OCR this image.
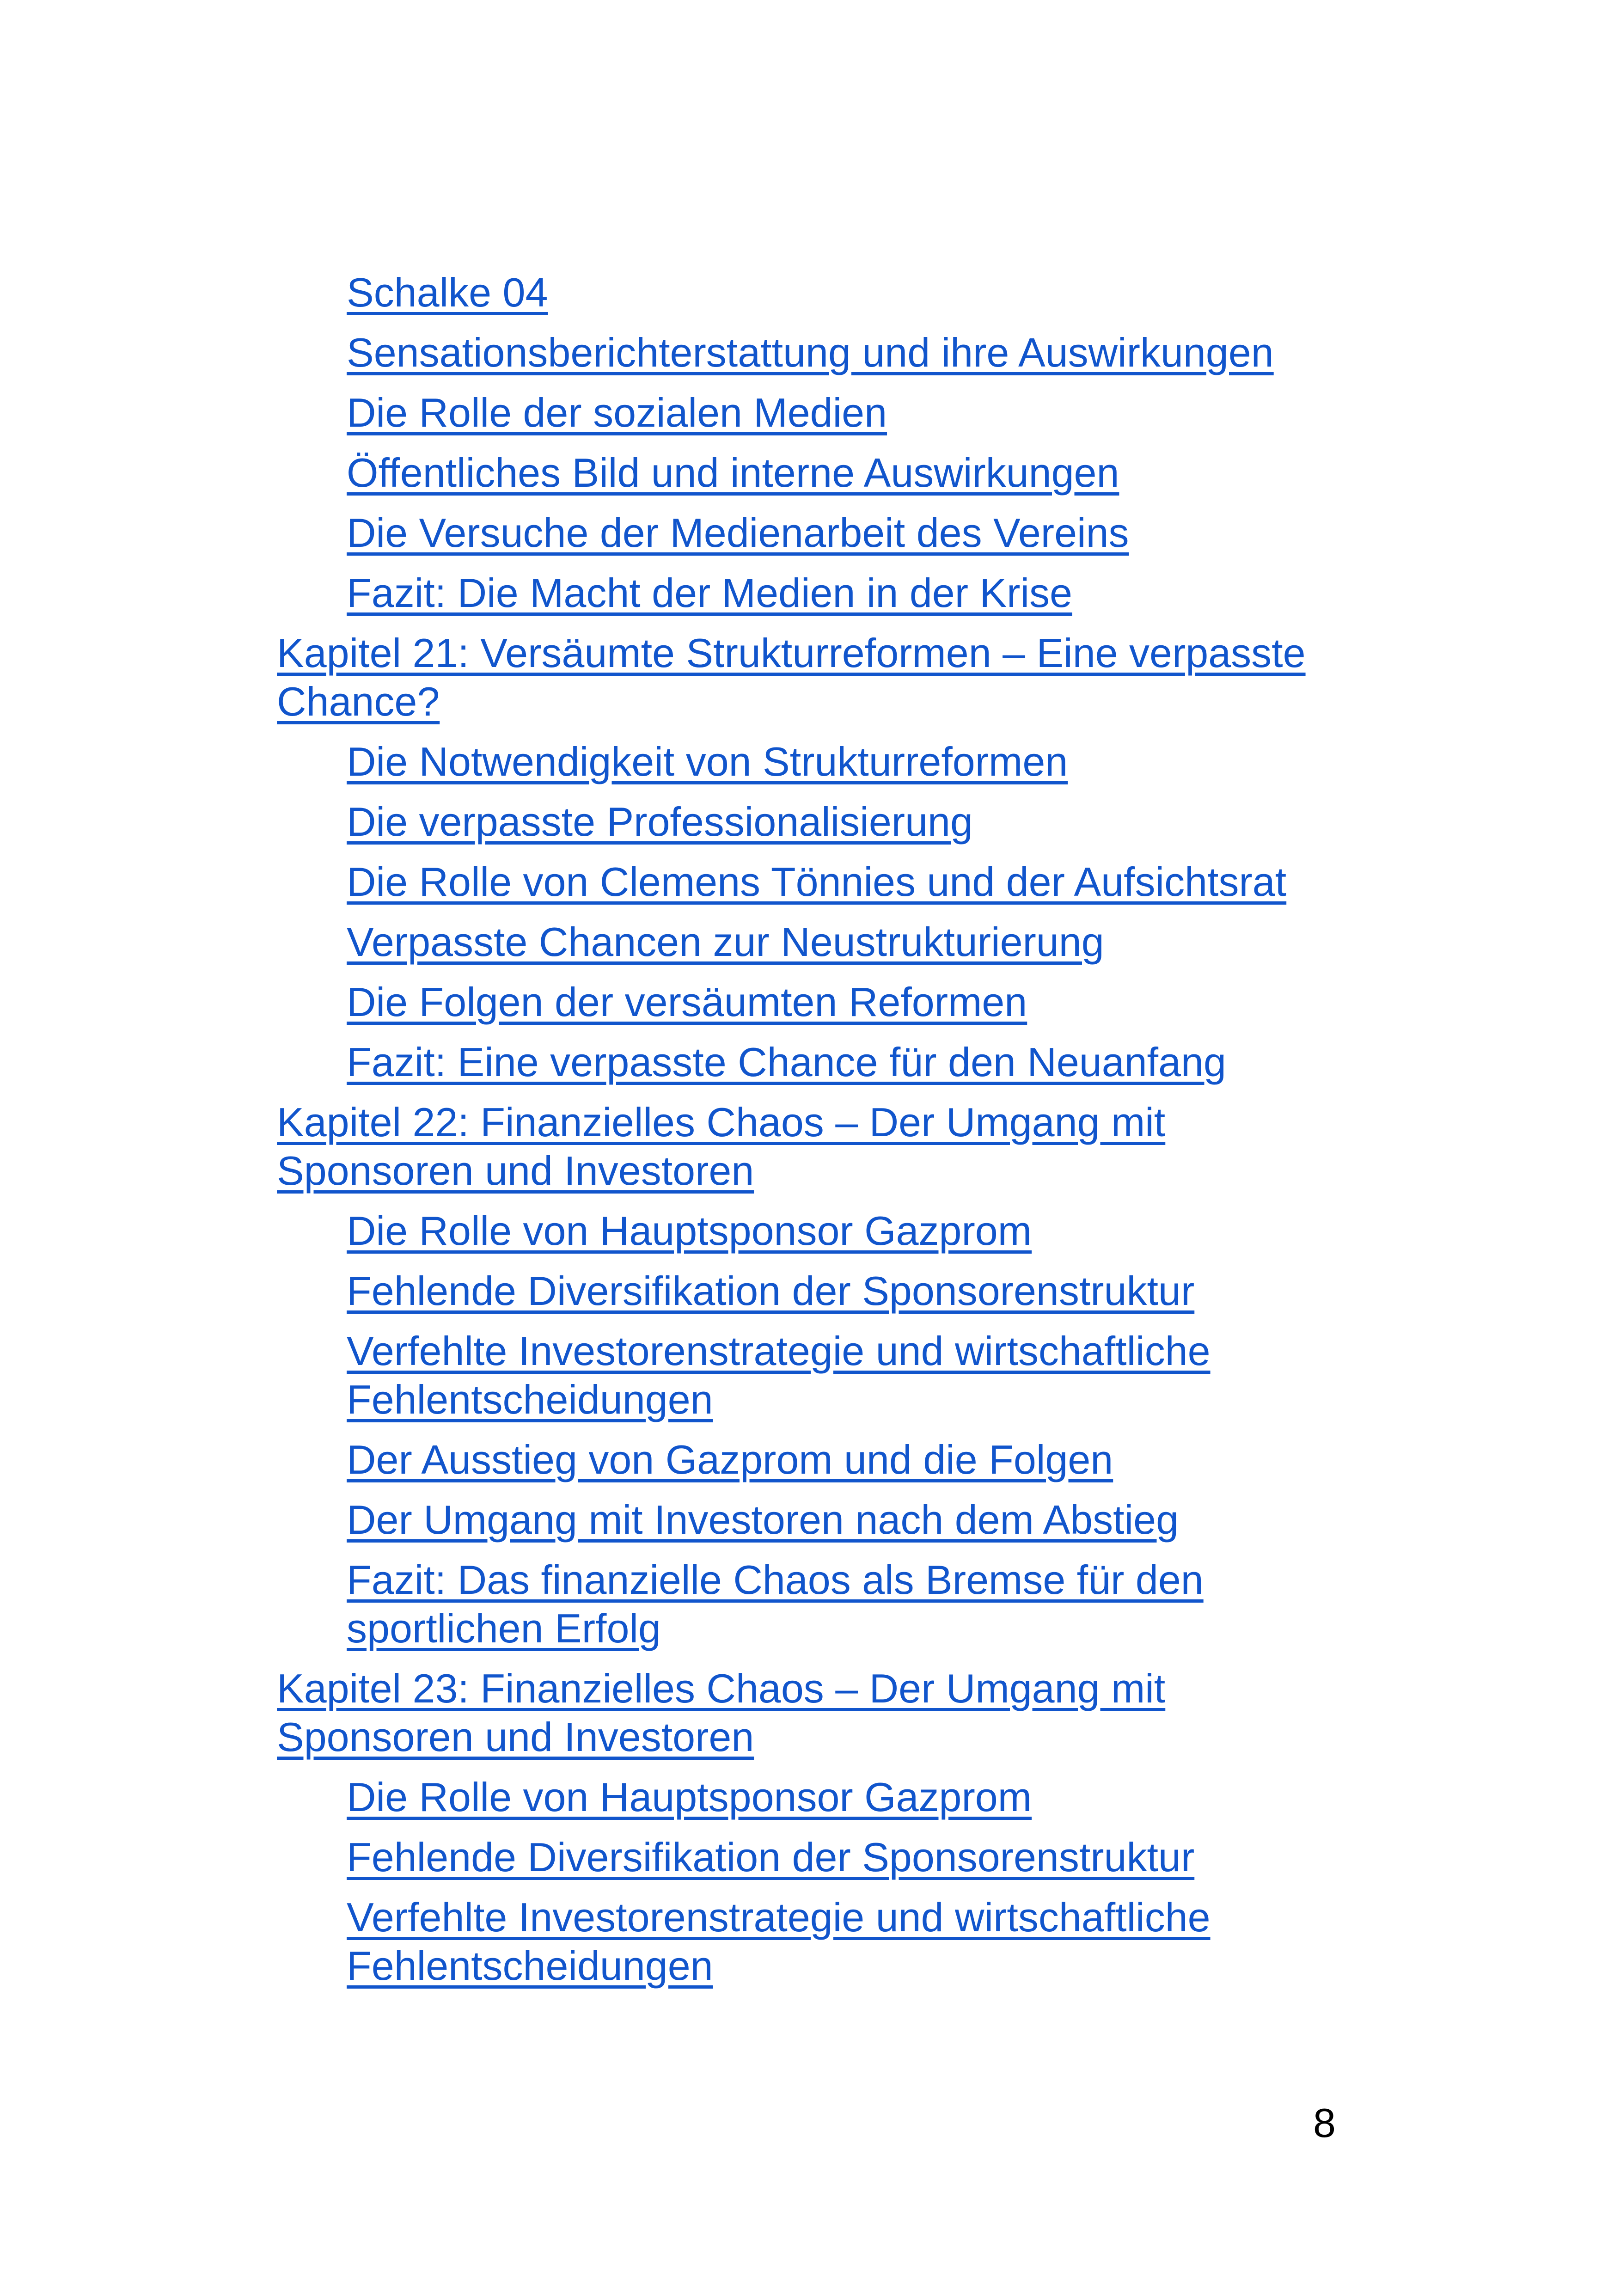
Schalke 04
Sensationsberichterstattung und ihre Auswirkungen
Die Rolle der sozialen Medien
Öffentliches Bild und interne Auswirkungen
Die Versuche der Medienarbeit des Vereins
Fazit: Die Macht der Medien in der Krise
Kapitel 21: Versäumte Strukturreformen – Eine verpasste Chance?
Die Notwendigkeit von Strukturreformen
Die verpasste Professionalisierung
Die Rolle von Clemens Tönnies und der Aufsichtsrat
Verpasste Chancen zur Neustrukturierung
Die Folgen der versäumten Reformen
Fazit: Eine verpasste Chance für den Neuanfang
Kapitel 22: Finanzielles Chaos – Der Umgang mit Sponsoren und Investoren
Die Rolle von Hauptsponsor Gazprom
Fehlende Diversifikation der Sponsorenstruktur
Verfehlte Investorenstrategie und wirtschaftliche Fehlentscheidungen
Der Ausstieg von Gazprom und die Folgen
Der Umgang mit Investoren nach dem Abstieg
Fazit: Das finanzielle Chaos als Bremse für den sportlichen Erfolg
Kapitel 23: Finanzielles Chaos – Der Umgang mit Sponsoren und Investoren
Die Rolle von Hauptsponsor Gazprom
Fehlende Diversifikation der Sponsorenstruktur
Verfehlte Investorenstrategie und wirtschaftliche Fehlentscheidungen
8
